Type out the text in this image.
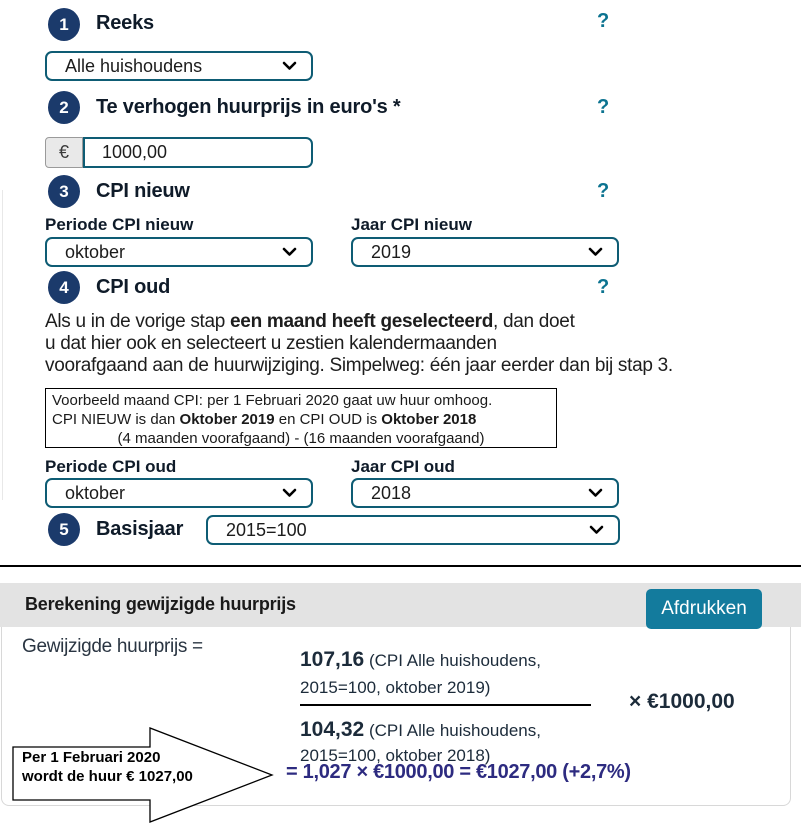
1 Reeks	?
Alle huishoudens
2 Te verhogen huurprijs in euro's *	?
€
1000,00
3 CPI nieuw	?
Periode CPI nieuw	Jaar CPI nieuw
oktober	2019
4 CPI oud	?
Als u in de vorige stap een maand heeft geselecteerd, dan doet
u dat hier ook en selecteert u zestien kalendermaanden
voorafgaand aan de huurwijziging. Simpelweg: één jaar eerder dan bij stap 3.
Voorbeeld maand CPI: per 1 Februari 2020 gaat uw huur omhoog.
CPI NIEUW is dan Oktober 2019 en CPI OUD is Oktober 2018
(4 maanden voorafgaand) - (16 maanden voorafgaand)
Periode CPI oud	Jaar CPI oud
oktober	2018
5 Basisjaar 2015=100
Berekening gewijzigde huurprijs	Afdrukken
Gewijzigde huurprijs =
107,16 (CPI Alle huishoudens,
2015=100, oktober 2019)
× €1000,00
104,32 (CPI Alle huishoudens,
2015=100, oktober 2018)
= 1,027 × €1000,00 = €1027,00 (+2,7%)
Per 1 Februari 2020
wordt de huur € 1027,00
